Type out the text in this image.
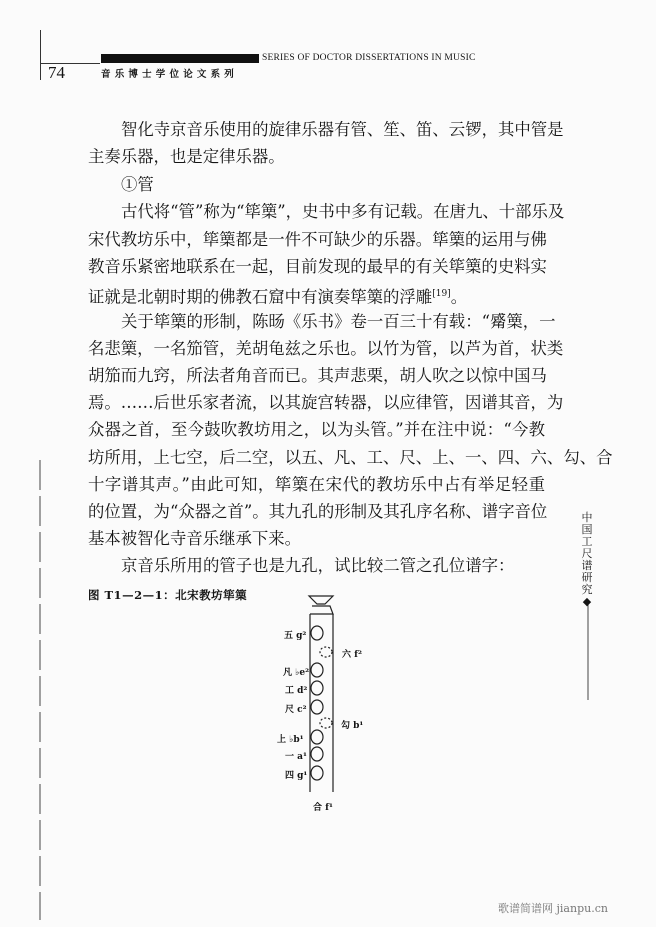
SERIES OF DOCTOR DISSERTATIONS IN MUSIC
74	音乐博士学位论文系列
智化寺京音乐使用的旋律乐器有管、笙、笛、云锣，其中管是
主奏乐器，也是定律乐器。
①管
古代将“管”称为“筚篥”，史书中多有记载。在唐九、十部乐及
宋代教坊乐中，筚篥都是一件不可缺少的乐器。筚篥的运用与佛
教音乐紧密地联系在一起，目前发现的最早的有关筚篥的史料实
证就是北朝时期的佛教石窟中有演奏筚篥的浮雕[19]。
关于筚篥的形制，陈旸《乐书》卷一百三十有载：“觱篥，一
名悲篥，一名笳管，羌胡龟兹之乐也。以竹为管，以芦为首，状类
胡笳而九窍，所法者角音而已。其声悲栗，胡人吹之以惊中国马
焉。……后世乐家者流，以其旋宫转器，以应律管，因谱其音，为
众器之首，至今鼓吹教坊用之，以为头管。”并在注中说：“今教
坊所用，上七空，后二空，以五、凡、工、尺、上、一、四、六、勾、合
十字谱其声。”由此可知，筚篥在宋代的教坊乐中占有举足轻重
的位置，为“众器之首”。其九孔的形制及其孔序名称、谱字音位
基本被智化寺音乐继承下来。
京音乐所用的管子也是九孔，试比较二管之孔位谱字：
图 T1—2—1：北宋教坊筚篥
五 g²
凡 ♭e²
工 d²
尺 c²
上 ♭b¹
一 a¹
四 g¹
六 f²
勾 b¹
合 f¹
中国工尺谱研究
◆
歌谱简谱网 jianpu.cn
